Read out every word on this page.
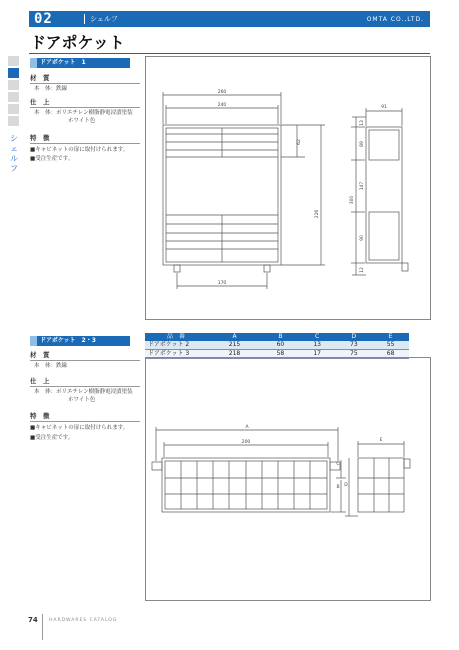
02	シェルフ	OMTA CO.,LTD.
ドアポケット
シ
ェ
ル
フ
ドアポケット　1
材　質
本　体：鉄線
仕　上
本　体：ポリエチレン樹脂静電浸漬塗装
ホワイト色
特　徴
■キャビネットの扉に取付けられます。
■受注生産です。
ドアポケット　2・3
材　質
本　体：鉄線
仕　上
本　体：ポリエチレン樹脂静電浸漬塗装
ホワイト色
特　徴
■キャビネットの扉に取付けられます。
■受注生産です。
品　番	A	B	C	D	E
ドアポケット 2	215	60	13	73	55
ドアポケット 3	218	58	17	75	68
260
240
170
91
62
226
300
13
89
147
90
12
A
200
B
C
D
E
74	HARDWARES CATALOG
